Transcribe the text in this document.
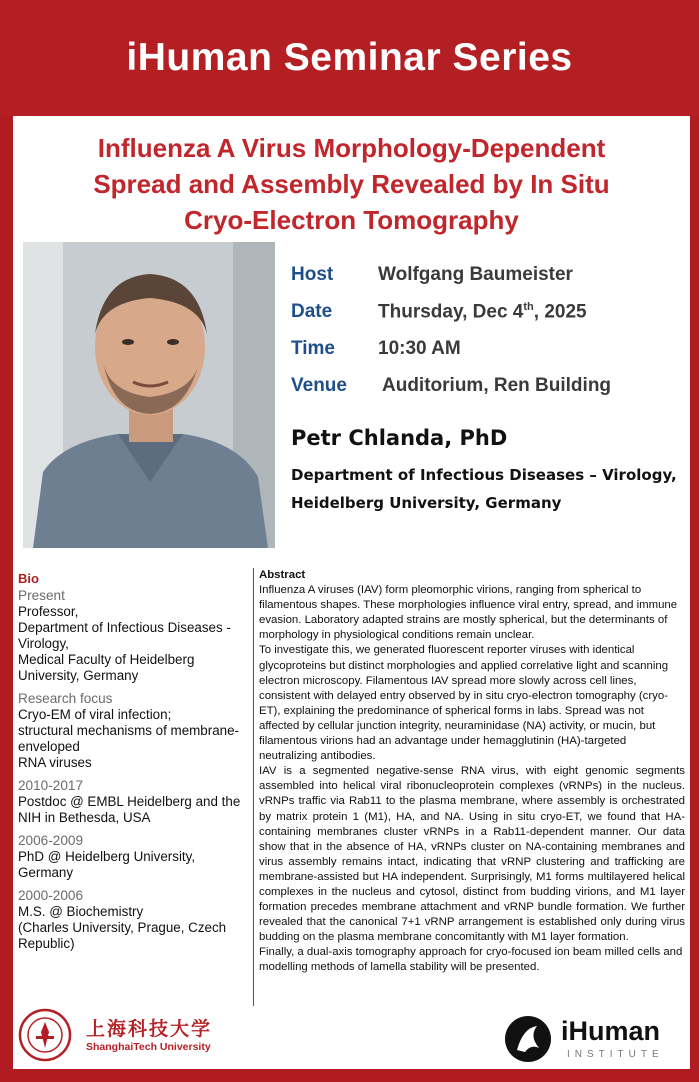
iHuman Seminar Series
Influenza A Virus Morphology-Dependent
Spread and Assembly Revealed by In Situ
Cryo-Electron Tomography
Host Wolfgang Baumeister
Date Thursday, Dec 4th, 2025
Time 10:30 AM
Venue Auditorium, Ren Building
Petr Chlanda, PhD
Department of Infectious Diseases – Virology,
Heidelberg University, Germany
Bio
Present
Professor,
Department of Infectious Diseases -Virology,
Medical Faculty of Heidelberg University, Germany
Research focus
Cryo-EM of viral infection;
structural mechanisms of membrane-enveloped
RNA viruses
2010-2017
Postdoc @ EMBL Heidelberg and the NIH in Bethesda, USA
2006-2009
PhD @ Heidelberg University, Germany
2000-2006
M.S. @ Biochemistry
(Charles University, Prague, Czech Republic)
Abstract

Influenza A viruses (IAV) form pleomorphic virions, ranging from spherical to filamentous shapes. These morphologies influence viral entry, spread, and immune evasion. Laboratory adapted strains are mostly spherical, but the determinants of morphology in physiological conditions remain unclear.

To investigate this, we generated fluorescent reporter viruses with identical glycoproteins but distinct morphologies and applied correlative light and scanning electron microscopy. Filamentous IAV spread more slowly across cell lines, consistent with delayed entry observed by in situ cryo-electron tomography (cryo-ET), explaining the predominance of spherical forms in labs. Spread was not affected by cellular junction integrity, neuraminidase (NA) activity, or mucin, but filamentous virions had an advantage under hemagglutinin (HA)-targeted neutralizing antibodies.

IAV is a segmented negative-sense RNA virus, with eight genomic segments assembled into helical viral ribonucleoprotein complexes (vRNPs) in the nucleus. vRNPs traffic via Rab11 to the plasma membrane, where assembly is orchestrated by matrix protein 1 (M1), HA, and NA. Using in situ cryo-ET, we found that HA-containing membranes cluster vRNPs in a Rab11-dependent manner. Our data show that in the absence of HA, vRNPs cluster on NA-containing membranes and virus assembly remains intact, indicating that vRNP clustering and trafficking are membrane-assisted but HA independent. Surprisingly, M1 forms multilayered helical complexes in the nucleus and cytosol, distinct from budding virions, and M1 layer formation precedes membrane attachment and vRNP bundle formation. We further revealed that the canonical 7+1 vRNP arrangement is established only during virus budding on the plasma membrane concomitantly with M1 layer formation.

Finally, a dual-axis tomography approach for cryo-focused ion beam milled cells and modelling methods of lamella stability will be presented.

上海科技大学
ShanghaiTech University
iHuman
INSTITUTE
